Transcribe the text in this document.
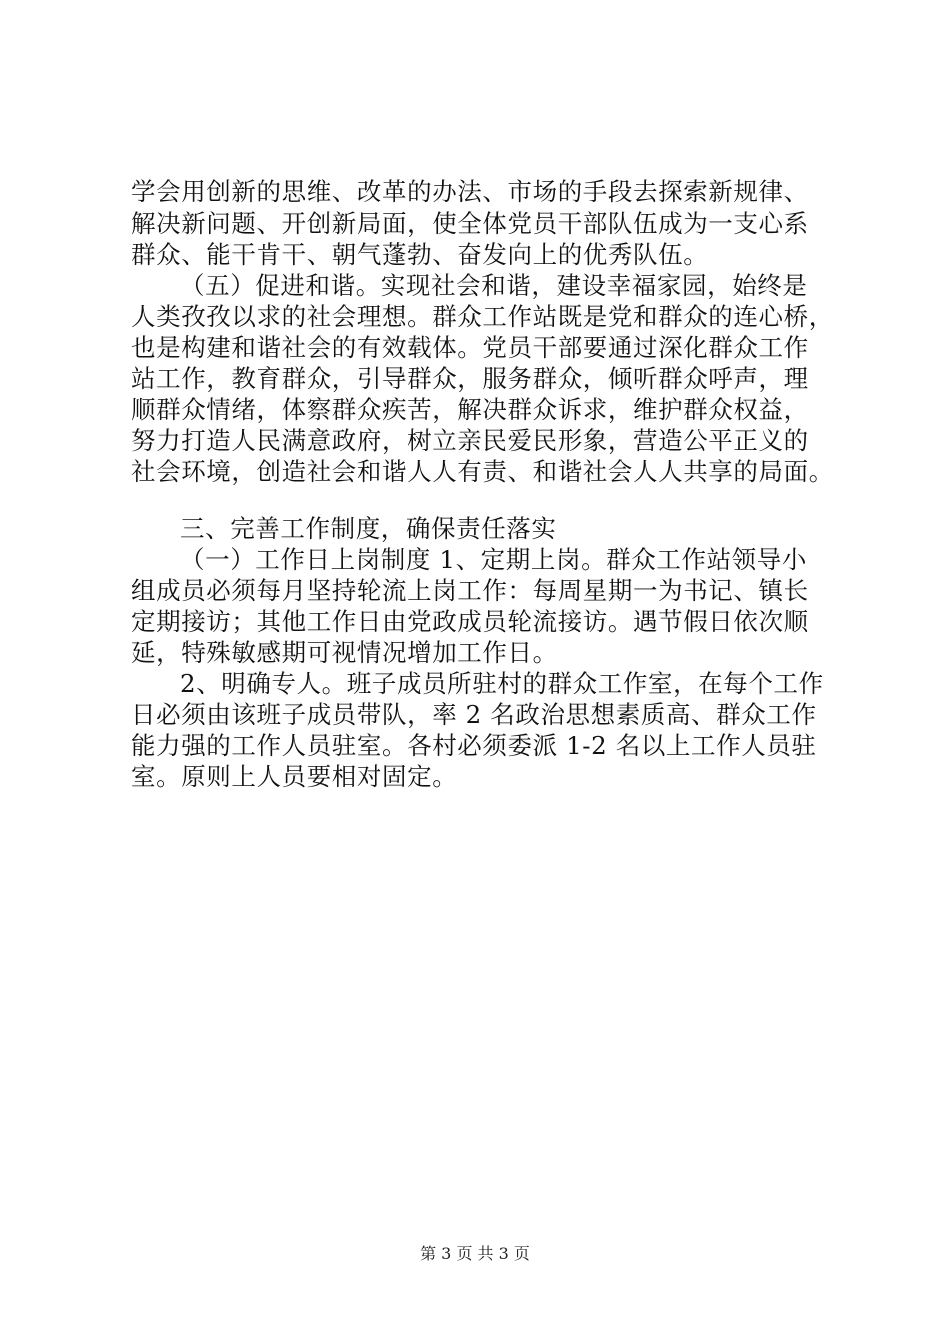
学会用创新的思维、改革的办法、市场的手段去探索新规律、
解决新问题、开创新局面，使全体党员干部队伍成为一支心系
群众、能干肯干、朝气蓬勃、奋发向上的优秀队伍。
（五）促进和谐。实现社会和谐，建设幸福家园，始终是
人类孜孜以求的社会理想。群众工作站既是党和群众的连心桥，
也是构建和谐社会的有效载体。党员干部要通过深化群众工作
站工作，教育群众，引导群众，服务群众，倾听群众呼声，理
顺群众情绪，体察群众疾苦，解决群众诉求，维护群众权益，
努力打造人民满意政府，树立亲民爱民形象，营造公平正义的
社会环境，创造社会和谐人人有责、和谐社会人人共享的局面。
三、完善工作制度，确保责任落实
（一）工作日上岗制度 1、定期上岗。群众工作站领导小
组成员必须每月坚持轮流上岗工作：每周星期一为书记、镇长
定期接访；其他工作日由党政成员轮流接访。遇节假日依次顺
延，特殊敏感期可视情况增加工作日。
2、明确专人。班子成员所驻村的群众工作室，在每个工作
日必须由该班子成员带队，率 2 名政治思想素质高、群众工作
能力强的工作人员驻室。各村必须委派 1-2 名以上工作人员驻
室。原则上人员要相对固定。
第 3 页 共 3 页
